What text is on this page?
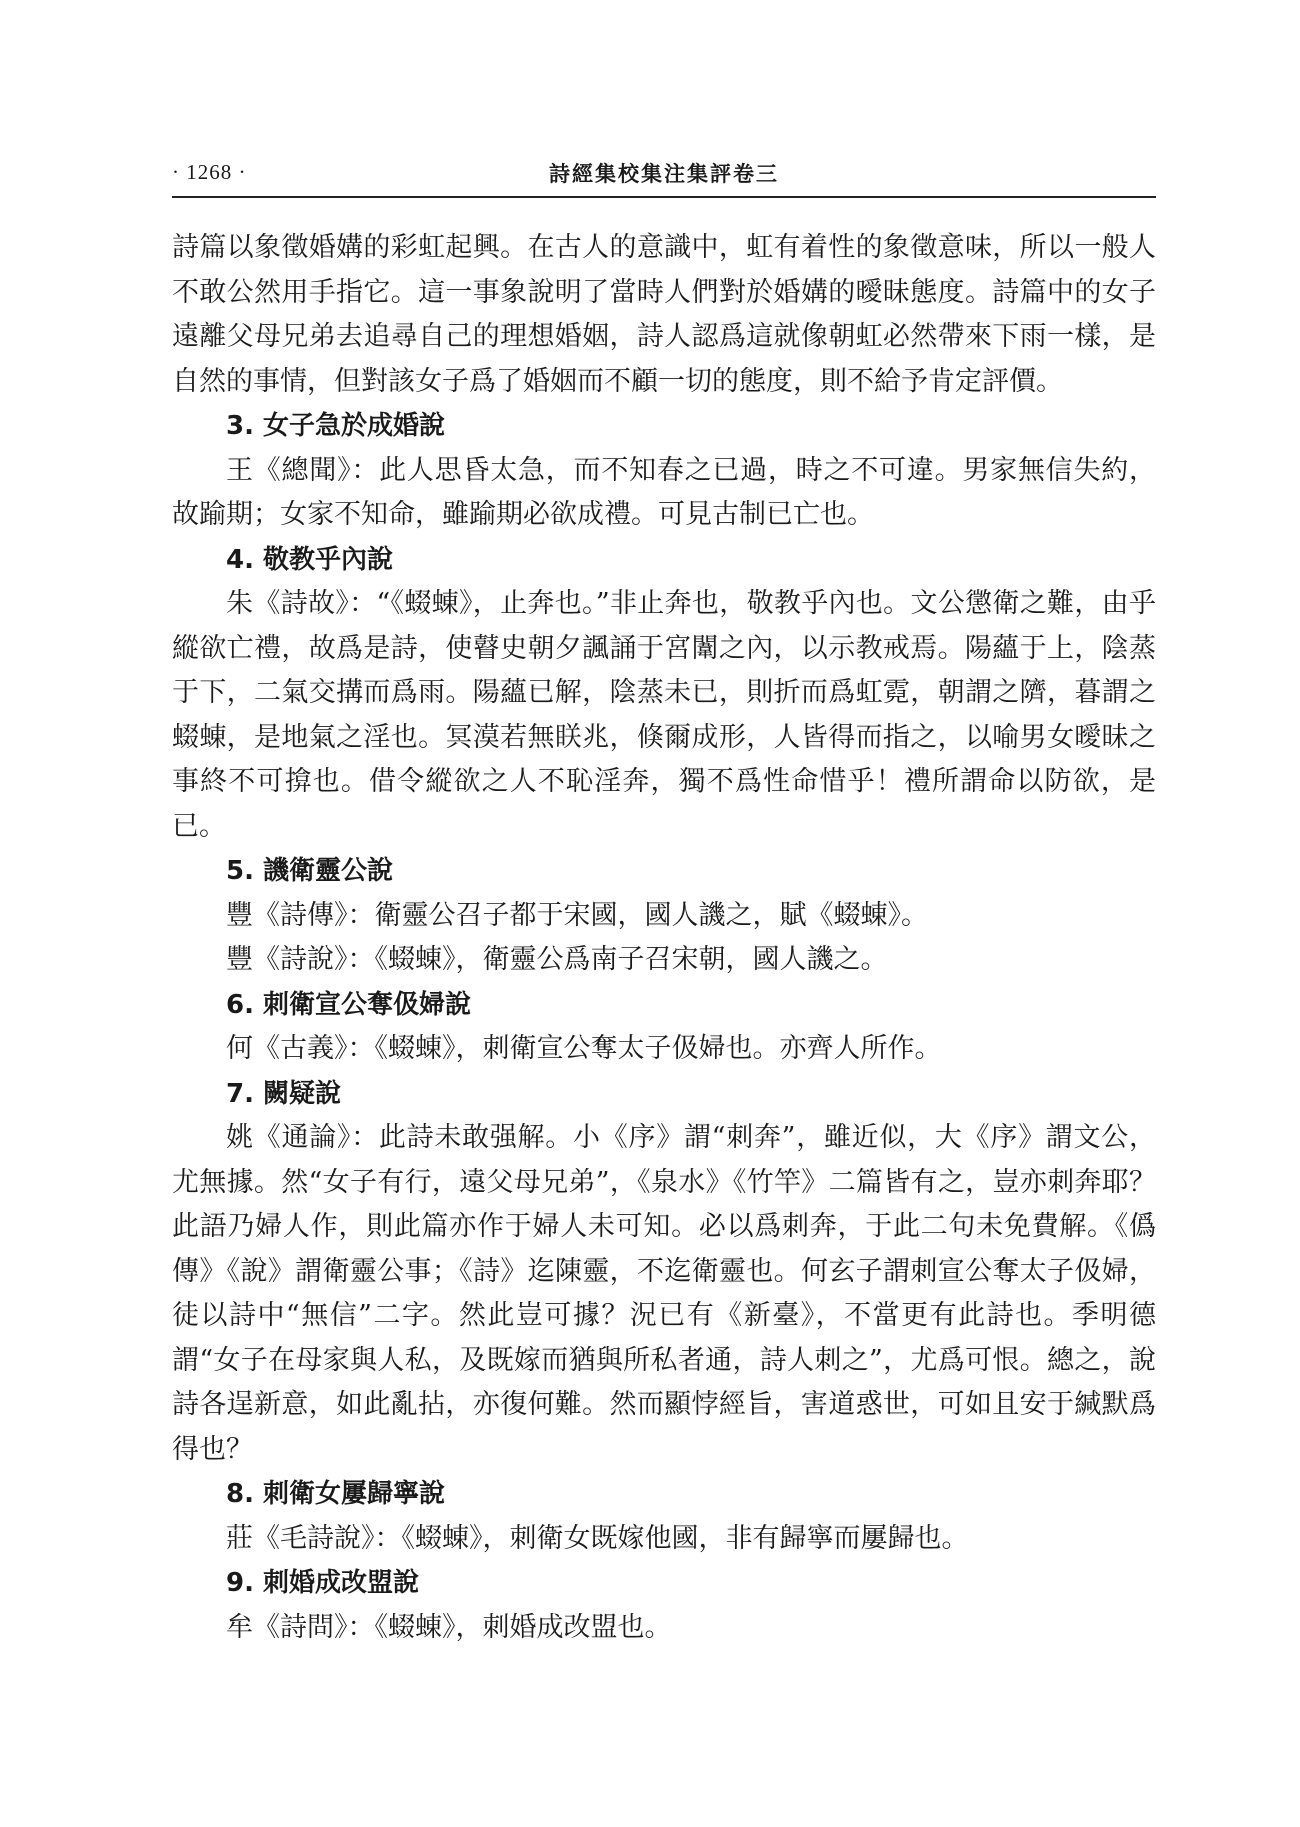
· 1268 ·	詩經集校集注集評卷三

詩篇以象徵婚媾的彩虹起興。在古人的意識中，虹有着性的象徵意味，所以一般人不敢公然用手指它。這一事象說明了當時人們對於婚媾的曖昧態度。詩篇中的女子遠離父母兄弟去追尋自己的理想婚姻，詩人認爲這就像朝虹必然帶來下雨一樣，是自然的事情，但對該女子爲了婚姻而不顧一切的態度，則不給予肯定評價。

3. 女子急於成婚說

王《總聞》：此人思昏太急，而不知春之已過，時之不可違。男家無信失約，故踰期；女家不知命，雖踰期必欲成禮。可見古制已亡也。

4. 敬教乎內說

朱《詩故》：“《蝃蝀》，止奔也。”非止奔也，敬教乎內也。文公懲衛之難，由乎縱欲亡禮，故爲是詩，使瞽史朝夕諷誦于宮闈之內，以示教戒焉。陽蘊于上，陰蒸于下，二氣交搆而爲雨。陽蘊已解，陰蒸未已，則折而爲虹霓，朝謂之隮，暮謂之蝃蝀，是地氣之淫也。冥漠若無眹兆，倏爾成形，人皆得而指之，以喻男女曖昧之事終不可揜也。借令縱欲之人不恥淫奔，獨不爲性命惜乎！禮所謂命以防欲，是已。

5. 譏衛靈公說

豐《詩傳》：衛靈公召子都于宋國，國人譏之，賦《蝃蝀》。

豐《詩說》：《蝃蝀》，衛靈公爲南子召宋朝，國人譏之。

6. 刺衛宣公奪伋婦說

何《古義》：《蝃蝀》，刺衛宣公奪太子伋婦也。亦齊人所作。

7. 闕疑說

姚《通論》：此詩未敢强解。小《序》謂“刺奔”，雖近似，大《序》謂文公，尤無據。然“女子有行，遠父母兄弟”，《泉水》《竹竿》二篇皆有之，豈亦刺奔耶？此語乃婦人作，則此篇亦作于婦人未可知。必以爲刺奔，于此二句未免費解。《僞傳》《說》謂衛靈公事；《詩》迄陳靈，不迄衛靈也。何玄子謂刺宣公奪太子伋婦，徒以詩中“無信”二字。然此豈可據？況已有《新臺》，不當更有此詩也。季明德謂“女子在母家與人私，及既嫁而猶與所私者通，詩人刺之”，尤爲可恨。總之，說詩各逞新意，如此亂拈，亦復何難。然而顯悖經旨，害道惑世，可如且安于緘默爲得也？

8. 刺衛女屢歸寧說

莊《毛詩說》：《蝃蝀》，刺衛女既嫁他國，非有歸寧而屢歸也。

9. 刺婚成改盟說

牟《詩問》：《蝃蝀》，刺婚成改盟也。
